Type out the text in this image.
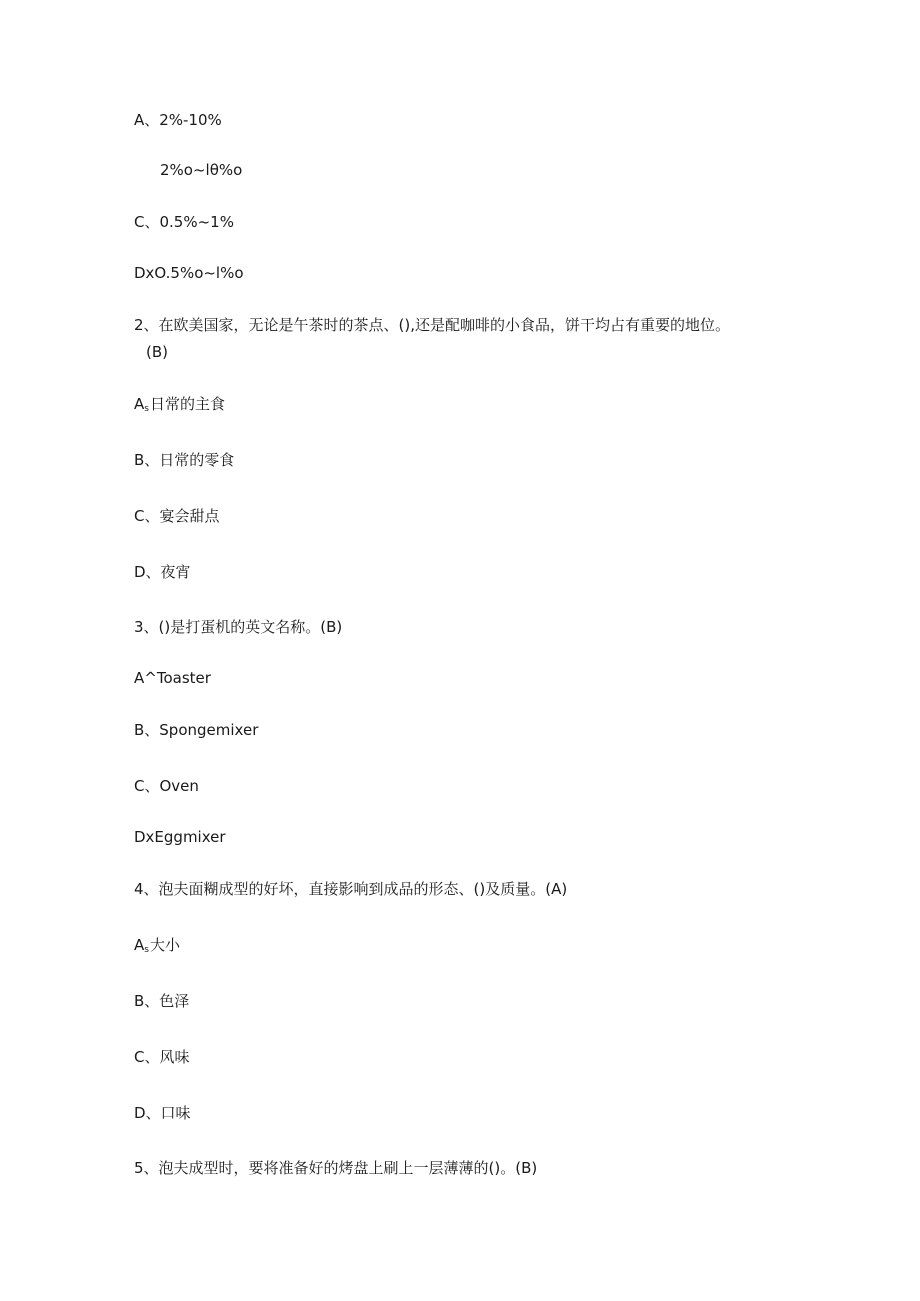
A、2%-10%
2%o~lθ%o
C、0.5%~1%
DxO.5%o~l%o
2、在欧美国家，无论是午茶时的茶点、(),还是配咖啡的小食品，饼干均占有重要的地位。
(B)
$A_s$日常的主食
B、日常的零食
C、宴会甜点
D、夜宵
3、()是打蛋机的英文名称。(B)
A^Toaster
B、Spongemixer
C、Oven
DxEggmixer
4、泡夫面糊成型的好坏，直接影响到成品的形态、()及质量。(A)
$A_s$大小
B、色泽
C、风味
D、口味
5、泡夫成型时，要将准备好的烤盘上刷上一层薄薄的()。(B)
